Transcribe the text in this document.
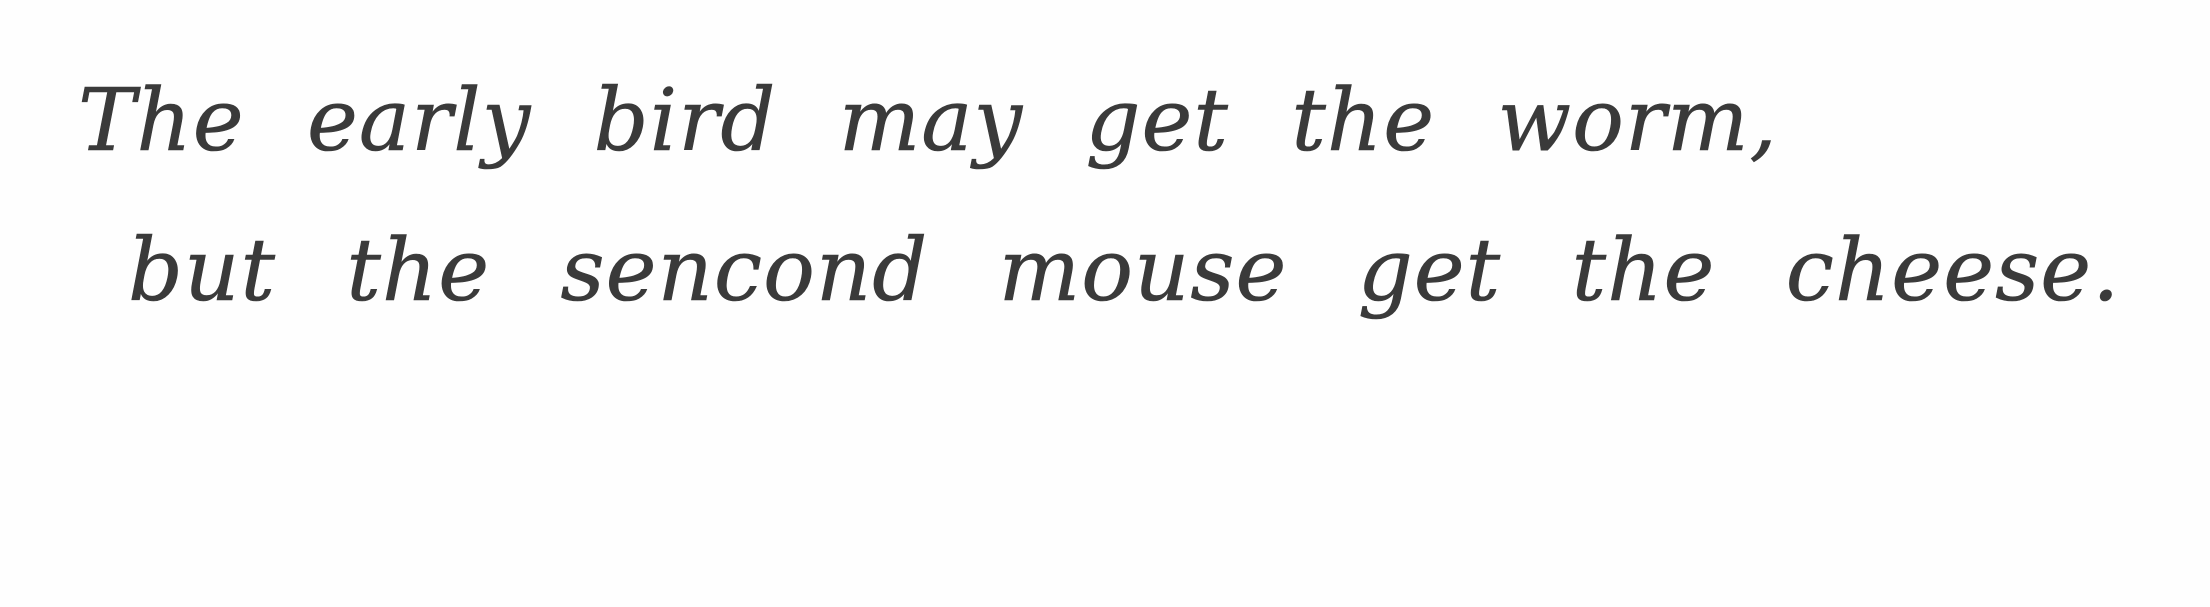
The early bird may get the worm,

but the sencond mouse get the cheese.
